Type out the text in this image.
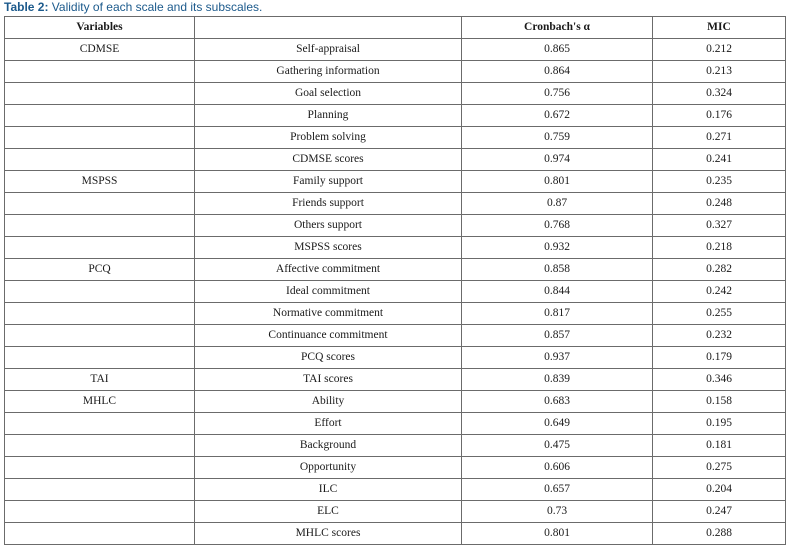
Table 2: Validity of each scale and its subscales.
Variables		Cronbach's α	MIC
CDMSE	Self-appraisal	0.865	0.212
	Gathering information	0.864	0.213
	Goal selection	0.756	0.324
	Planning	0.672	0.176
	Problem solving	0.759	0.271
	CDMSE scores	0.974	0.241
MSPSS	Family support	0.801	0.235
	Friends support	0.87	0.248
	Others support	0.768	0.327
	MSPSS scores	0.932	0.218
PCQ	Affective commitment	0.858	0.282
	Ideal commitment	0.844	0.242
	Normative commitment	0.817	0.255
	Continuance commitment	0.857	0.232
	PCQ scores	0.937	0.179
TAI	TAI scores	0.839	0.346
MHLC	Ability	0.683	0.158
	Effort	0.649	0.195
	Background	0.475	0.181
	Opportunity	0.606	0.275
	ILC	0.657	0.204
	ELC	0.73	0.247
	MHLC scores	0.801	0.288
